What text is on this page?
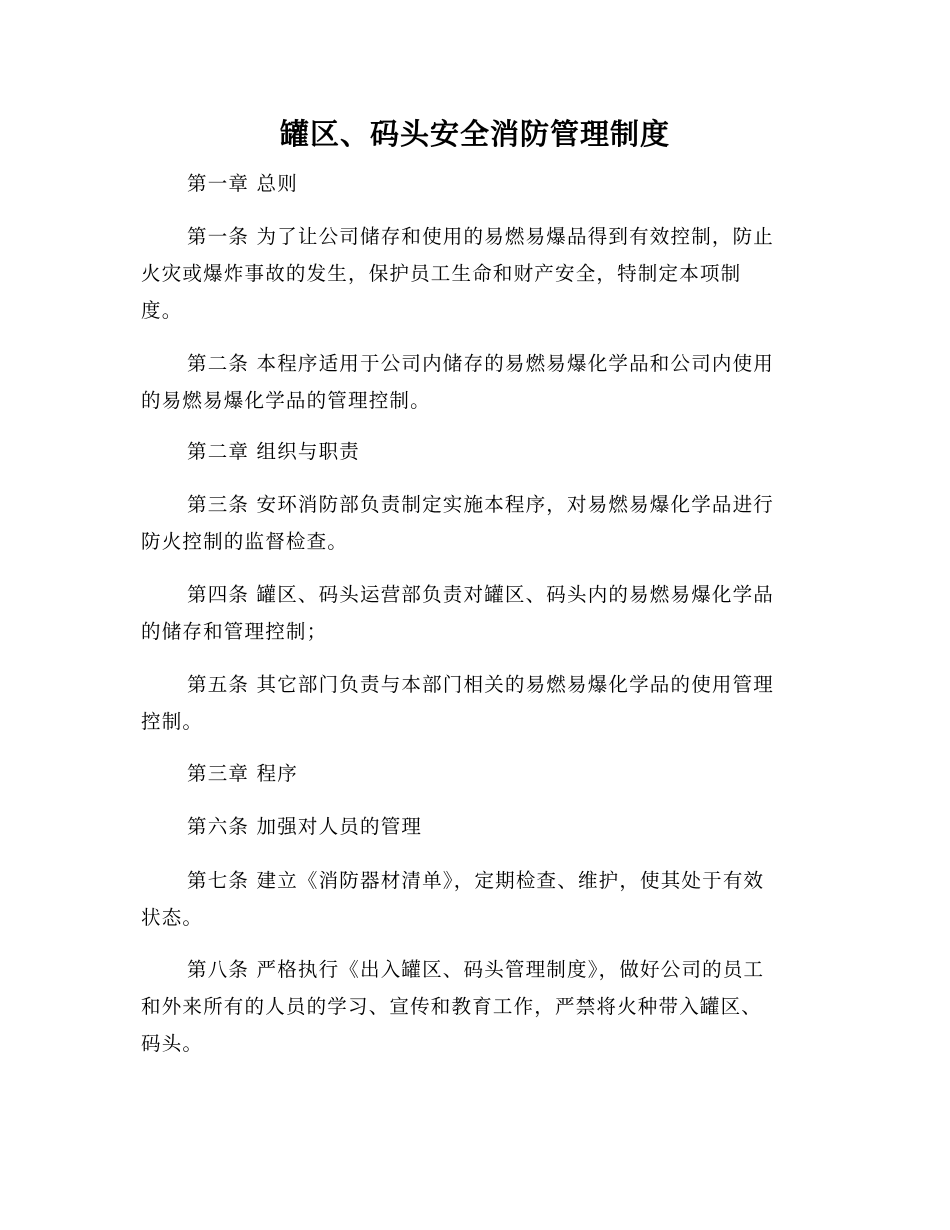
罐区、码头安全消防管理制度
第一章 总则
第一条 为了让公司储存和使用的易燃易爆品得到有效控制，防止
火灾或爆炸事故的发生，保护员工生命和财产安全，特制定本项制
度。
第二条 本程序适用于公司内储存的易燃易爆化学品和公司内使用
的易燃易爆化学品的管理控制。
第二章 组织与职责
第三条 安环消防部负责制定实施本程序，对易燃易爆化学品进行
防火控制的监督检查。
第四条 罐区、码头运营部负责对罐区、码头内的易燃易爆化学品
的储存和管理控制；
第五条 其它部门负责与本部门相关的易燃易爆化学品的使用管理
控制。
第三章 程序
第六条 加强对人员的管理
第七条 建立《消防器材清单》，定期检查、维护，使其处于有效
状态。
第八条 严格执行《出入罐区、码头管理制度》，做好公司的员工
和外来所有的人员的学习、宣传和教育工作，严禁将火种带入罐区、
码头。
